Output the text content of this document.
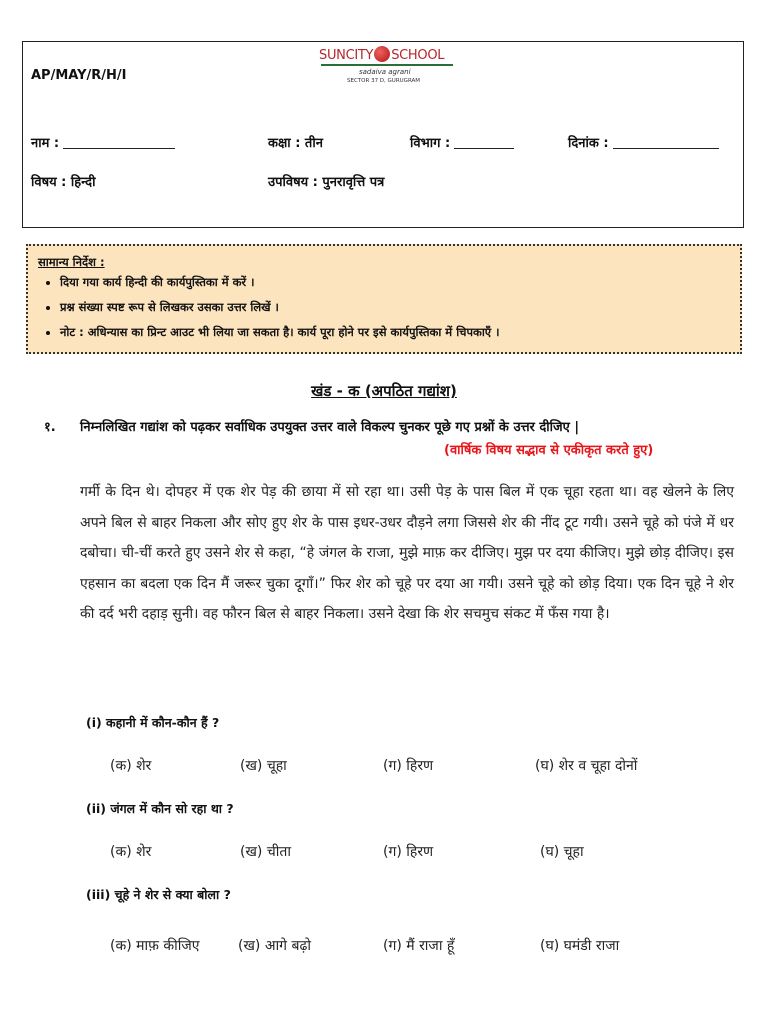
AP/MAY/R/H/I
SUNCITY SCHOOL
sadaiva agrani
SECTOR 37 D, GURUGRAM
नाम :	कक्षा : तीन	विभाग :	दिनांक :
विषय : हिन्दी	उपविषय : पुनरावृत्ति पत्र
सामान्य निर्देश :
• दिया गया कार्य हिन्दी की कार्यपुस्तिका में करें ।
• प्रश्न संख्या स्पष्ट रूप से लिखकर उसका उत्तर लिखें ।
• नोट : अधिन्यास का प्रिन्ट आउट भी लिया जा सकता है। कार्य पूरा होने पर इसे कार्यपुस्तिका में चिपकाएँ ।
खंड - क (अपठित गद्यांश)
१. निम्नलिखित गद्यांश को पढ़कर सर्वाधिक उपयुक्त उत्तर वाले विकल्प चुनकर पूछे गए प्रश्नों के उत्तर दीजिए |
(वार्षिक विषय सद्भाव से एकीकृत करते हुए)
गर्मी के दिन थे। दोपहर में एक शेर पेड़ की छाया में सो रहा था। उसी पेड़ के पास बिल में एक चूहा रहता था। वह खेलने के लिए अपने बिल से बाहर निकला और सोए हुए शेर के पास इधर-उधर दौड़ने लगा जिससे शेर की नींद टूट गयी। उसने चूहे को पंजे में धर दबोचा। ची-चीं करते हुए उसने शेर से कहा, “हे जंगल के राजा, मुझे माफ़ कर दीजिए। मुझ पर दया कीजिए। मुझे छोड़ दीजिए। इस एहसान का बदला एक दिन मैं जरूर चुका दूगाँ।” फिर शेर को चूहे पर दया आ गयी। उसने चूहे को छोड़ दिया। एक दिन चूहे ने शेर की दर्द भरी दहाड़ सुनी। वह फौरन बिल से बाहर निकला। उसने देखा कि शेर सचमुच संकट में फँस गया है।
(i) कहानी में कौन-कौन हैं ?
(क) शेर	(ख) चूहा	(ग) हिरण	(घ) शेर व चूहा दोनों
(ii) जंगल में कौन सो रहा था ?
(क) शेर	(ख) चीता	(ग) हिरण	(घ) चूहा
(iii) चूहे ने शेर से क्या बोला ?
(क) माफ़ कीजिए	(ख) आगे बढ़ो	(ग) मैं राजा हूँ	(घ) घमंडी राजा
